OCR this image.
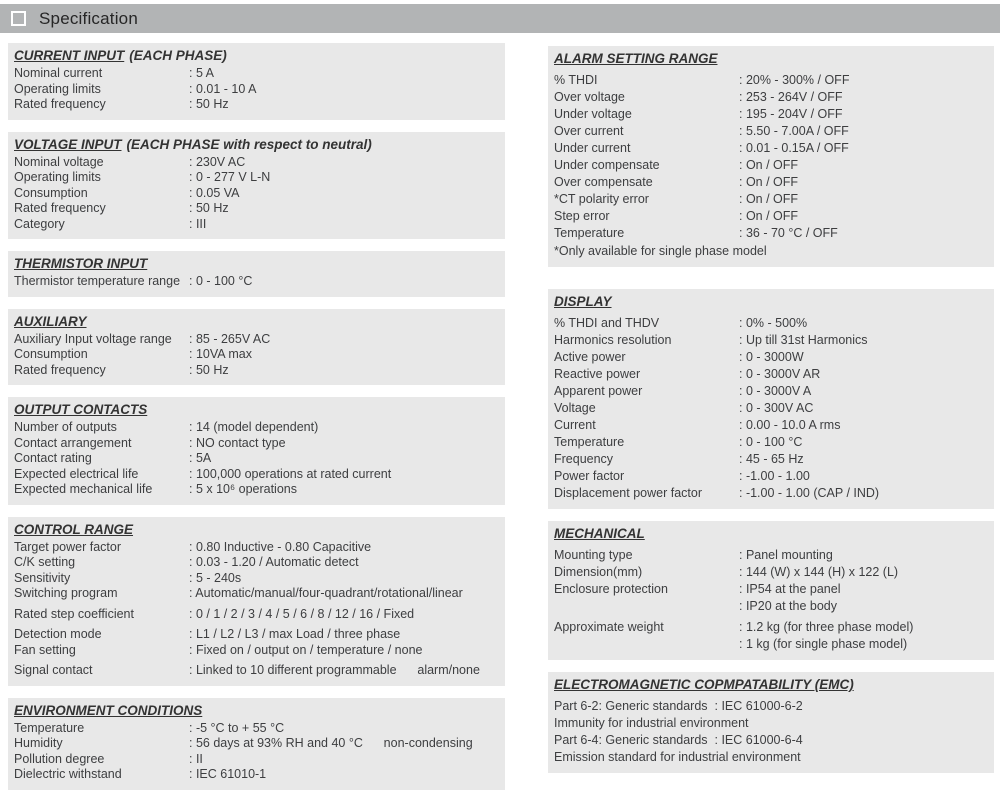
Specification
CURRENT INPUT (EACH PHASE)
Nominal current	: 5 A
Operating limits	: 0.01 - 10 A
Rated frequency	: 50 Hz
VOLTAGE INPUT (EACH PHASE with respect to neutral)
Nominal voltage	: 230V AC
Operating limits	: 0 - 277 V L-N
Consumption	: 0.05 VA
Rated frequency	: 50 Hz
Category	: III
THERMISTOR INPUT
Thermistor temperature range : 0 - 100 °C
AUXILIARY
Auxiliary Input voltage range	: 85 - 265V AC
Consumption	: 10VA max
Rated frequency	: 50 Hz
OUTPUT CONTACTS
Number of outputs	: 14 (model dependent)
Contact arrangement	: NO contact type
Contact rating	: 5A
Expected electrical life	: 100,000 operations at rated current
Expected mechanical life	: 5 x 10⁶ operations
CONTROL RANGE
Target power factor	: 0.80 Inductive - 0.80 Capacitive
C/K setting	: 0.03 - 1.20 / Automatic detect
Sensitivity	: 5 - 240s
Switching program	: Automatic/manual/four-quadrant/rotational/linear
Rated step coefficient	: 0 / 1 / 2 / 3 / 4 / 5 / 6 / 8 / 12 / 16 / Fixed
Detection mode	: L1 / L2 / L3 / max Load / three phase
Fan setting	: Fixed on / output on / temperature / none
Signal contact	: Linked to 10 different programmable      alarm/none
ENVIRONMENT CONDITIONS
Temperature	: -5 °C to + 55 °C
Humidity	: 56 days at 93% RH and 40 °C      non-condensing
Pollution degree	: II
Dielectric withstand	: IEC 61010-1
ALARM SETTING RANGE
% THDI	: 20% - 300% / OFF
Over voltage	: 253 - 264V / OFF
Under voltage	: 195 - 204V / OFF
Over current	: 5.50 - 7.00A / OFF
Under current	: 0.01 - 0.15A / OFF
Under compensate	: On / OFF
Over compensate	: On / OFF
*CT polarity error	: On / OFF
Step error	: On / OFF
Temperature	: 36 - 70 °C / OFF
*Only available for single phase model
DISPLAY
% THDI and THDV	: 0% - 500%
Harmonics resolution	: Up till 31st Harmonics
Active power	: 0 - 3000W
Reactive power	: 0 - 3000V AR
Apparent power	: 0 - 3000V A
Voltage	: 0 - 300V AC
Current	: 0.00 - 10.0 A rms
Temperature	: 0 - 100 °C
Frequency	: 45 - 65 Hz
Power factor	: -1.00 - 1.00
Displacement power factor	: -1.00 - 1.00 (CAP / IND)
MECHANICAL
Mounting type	: Panel mounting
Dimension(mm)	: 144 (W) x 144 (H) x 122 (L)
Enclosure protection	: IP54 at the panel
: IP20 at the body
Approximate weight	: 1.2 kg (for three phase model)
: 1 kg (for single phase model)
ELECTROMAGNETIC COPMPATABILITY (EMC)
Part 6-2: Generic standards  : IEC 61000-6-2
Immunity for industrial environment
Part 6-4: Generic standards  : IEC 61000-6-4
Emission standard for industrial environment
